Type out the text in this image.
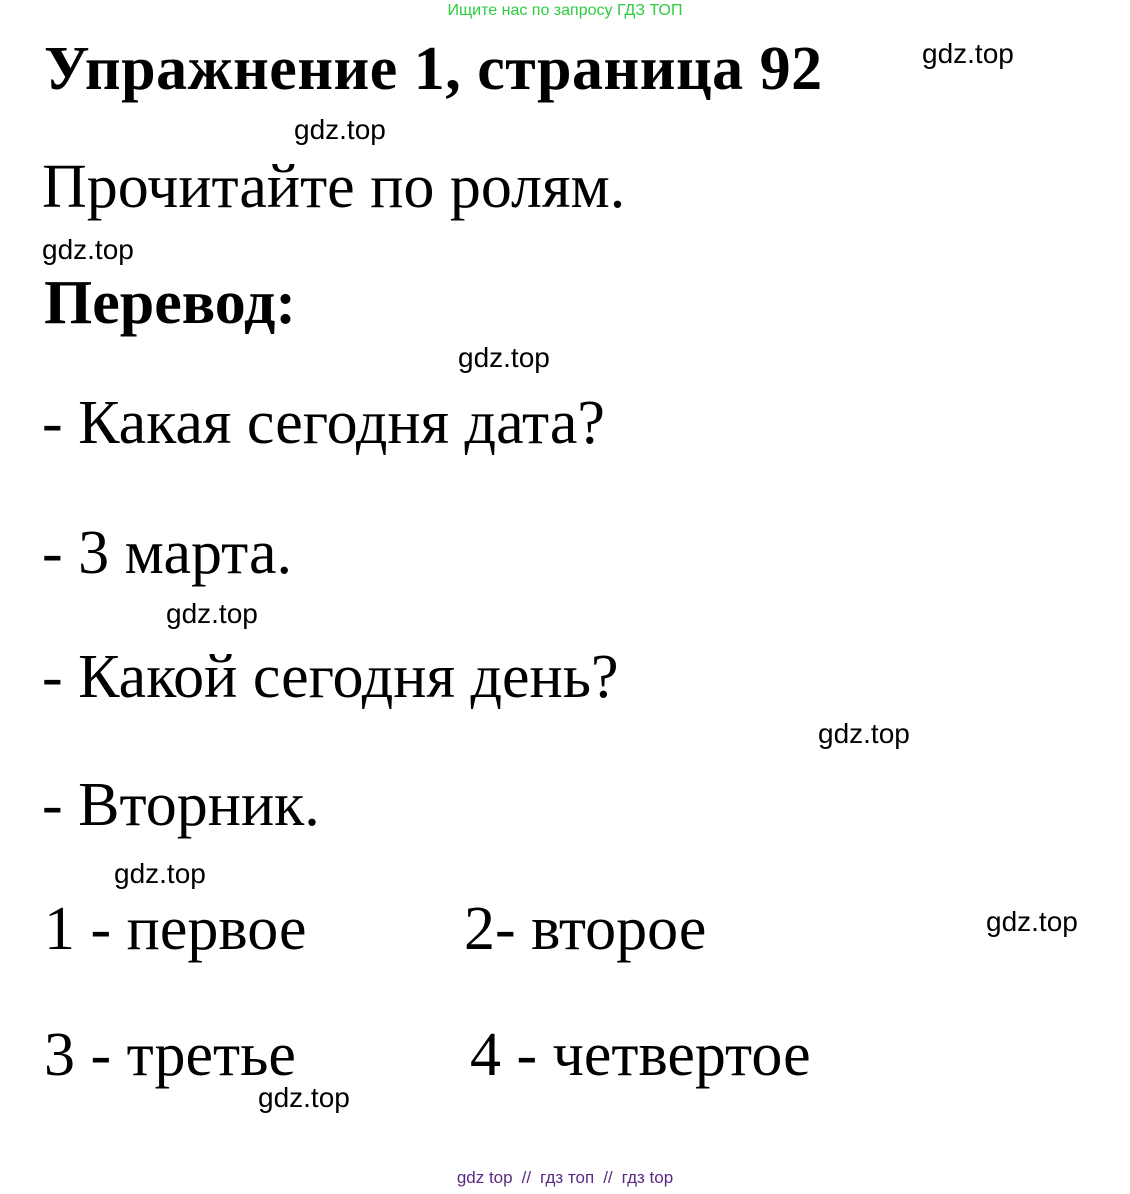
Ищите нас по запросу ГДЗ ТОП
Упражнение 1, страница 92
Прочитайте по ролям.
Перевод:
- Какая сегодня дата?
- 3 марта.
- Какой сегодня день?
- Вторник.
1 - первое	2- второе
3 - третье	4 - четвертое
gdz.top
gdz.top
gdz.top
gdz.top
gdz.top
gdz.top
gdz.top
gdz.top
gdz.top
gdz top // гдз топ // гдз top
